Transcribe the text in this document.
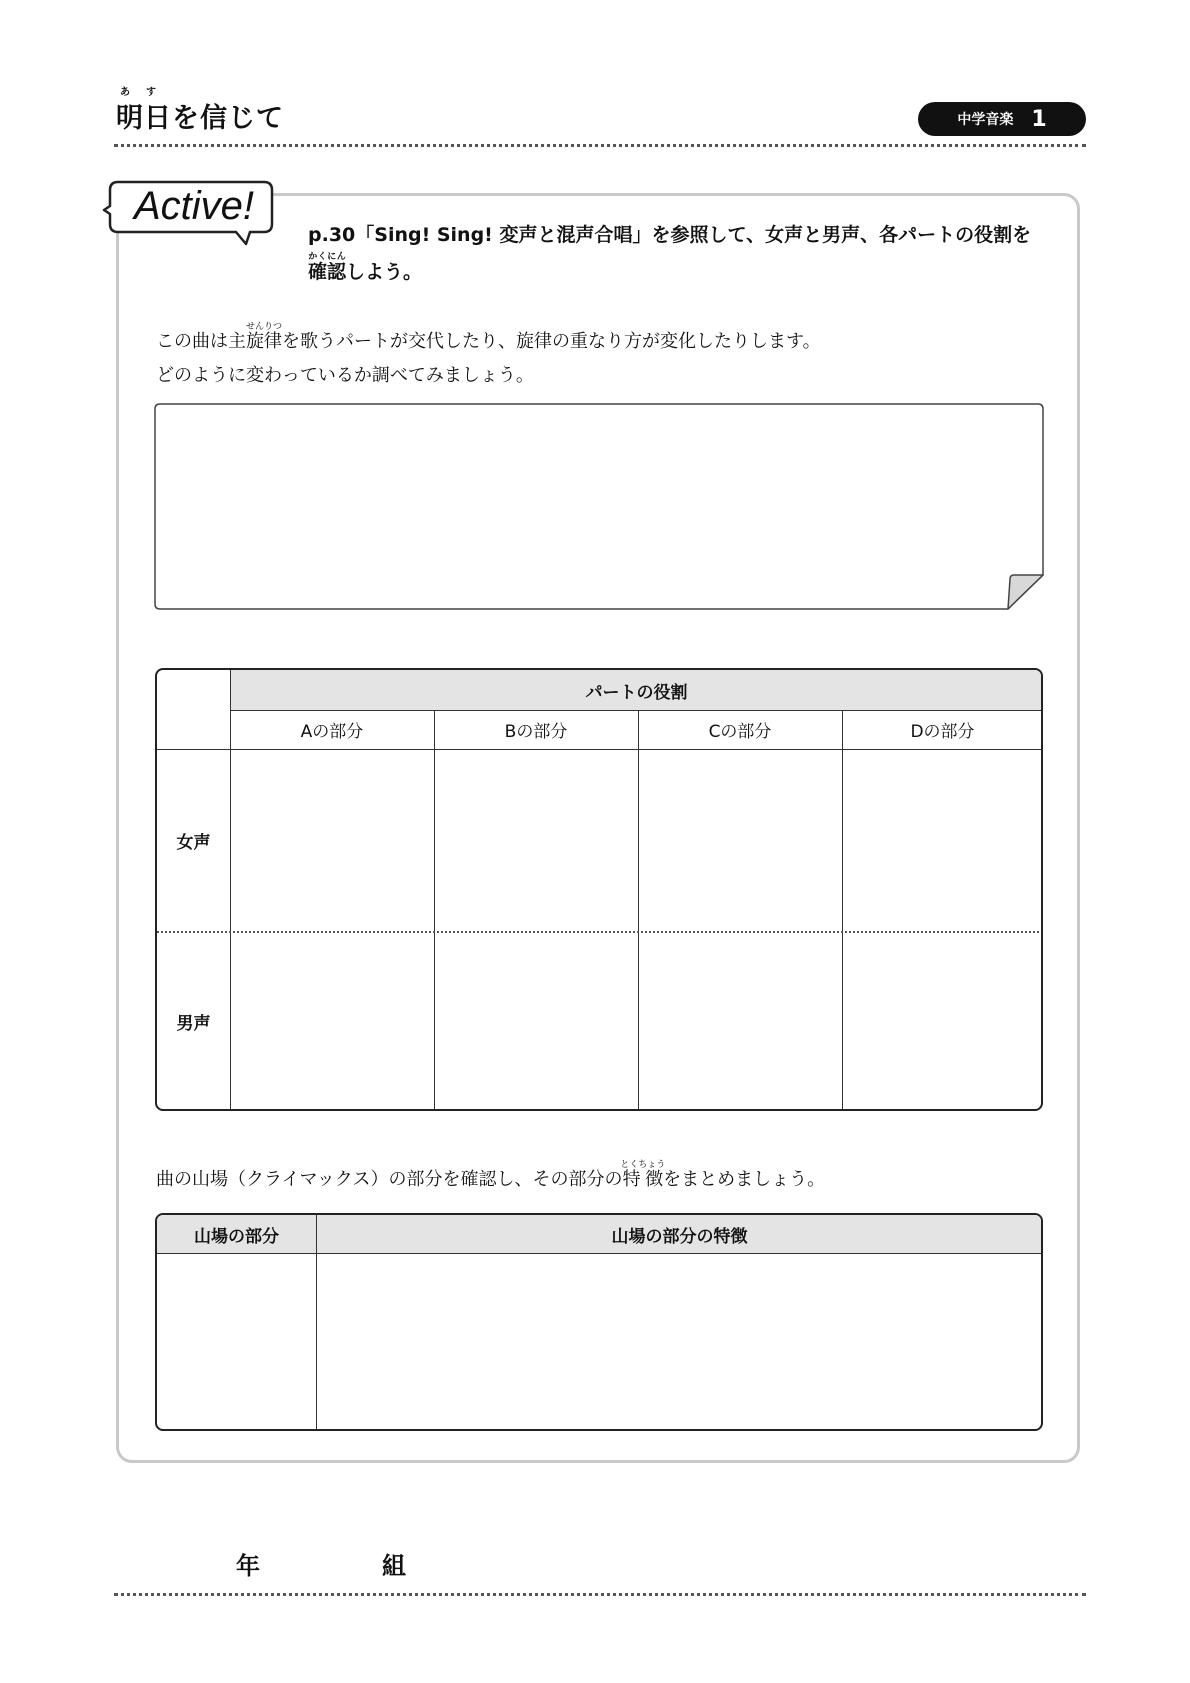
あ す
明日 を信じて	中学音楽 1
Active!
p.30「Sing! Sing! 変声と混声合唱」を参照して、女声と男声、各パートの役割を
確認かくにんしよう。
この曲は主旋律せんりつを歌うパートが交代したり、旋律の重なり方が変化したりします。
どのように変わっているか調べてみましょう。
パートの役割
Aの部分	Bの部分	Cの部分	Dの部分
女声
男声
曲の山場（クライマックス）の部分を確認し、その部分の特徴とくちょうをまとめましょう。
山場の部分	山場の部分の特徴
年	組
